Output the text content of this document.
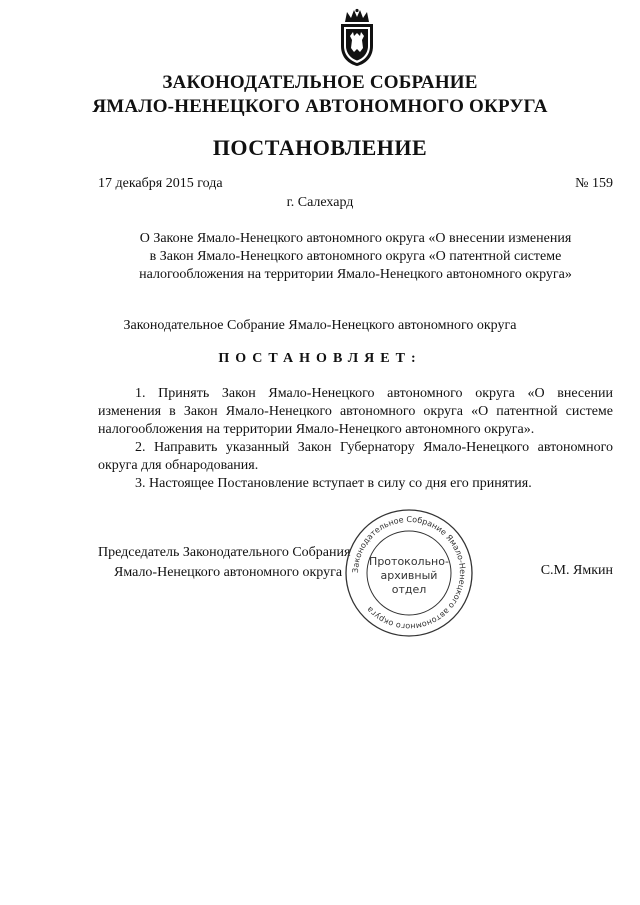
ЗАКОНОДАТЕЛЬНОЕ СОБРАНИЕ
ЯМАЛО-НЕНЕЦКОГО АВТОНОМНОГО ОКРУГА
ПОСТАНОВЛЕНИЕ
17 декабря 2015 года	№ 159
г. Салехард
О Законе Ямало-Ненецкого автономного округа «О внесении изменения
в Закон Ямало-Ненецкого автономного округа «О патентной системе
налогообложения на территории Ямало-Ненецкого автономного округа»
Законодательное Собрание Ямало-Ненецкого автономного округа
ПОСТАНОВЛЯЕТ:

1. Принять Закон Ямало-Ненецкого автономного округа «О внесении изменения в Закон Ямало-Ненецкого автономного округа «О патентной системе налогообложения на территории Ямало-Ненецкого автономного округа».

2. Направить указанный Закон Губернатору Ямало-Ненецкого автономного округа для обнародования.

3. Настоящее Постановление вступает в силу со дня его принятия.

Председатель Законодательного Собрания
Ямало-Ненецкого автономного округа	С.М. Ямкин
Законодательное Собрание Ямало-Ненецкого автономного округа
Протокольно-
архивный
отдел
